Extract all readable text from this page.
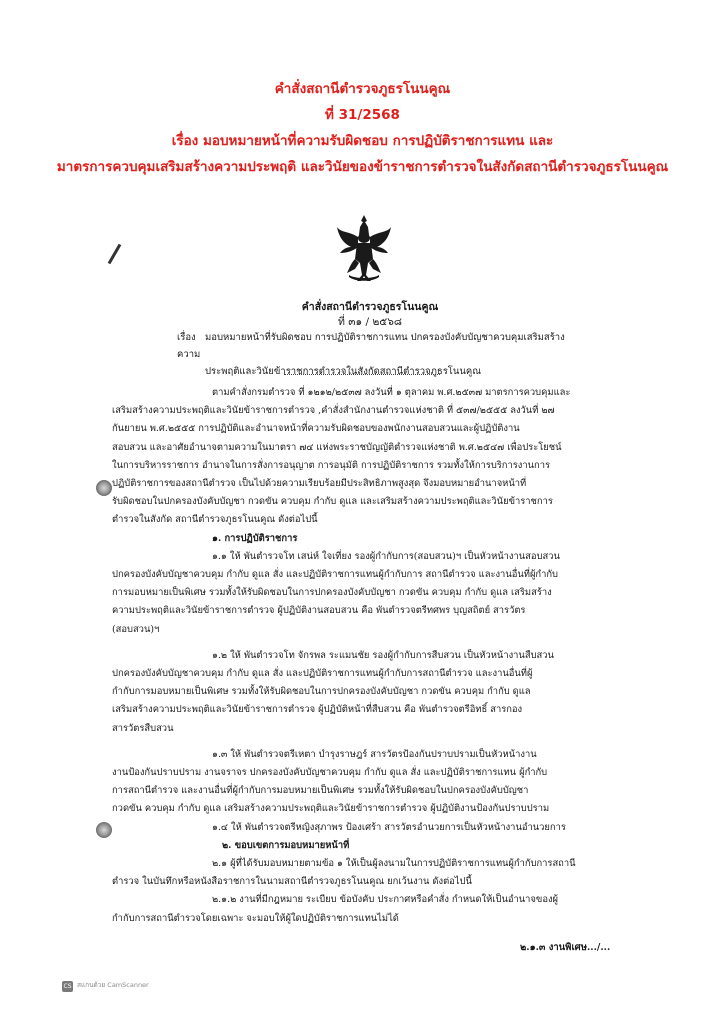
คำสั่งสถานีตำรวจภูธรโนนคูณ
ที่ 31/2568
เรื่อง มอบหมายหน้าที่ความรับผิดชอบ การปฏิบัติราชการแทน และ
มาตรการควบคุมเสริมสร้างความประพฤติ และวินัยของข้าราชการตำรวจในสังกัดสถานีตำรวจภูธรโนนคูณ
คำสั่งสถานีตำรวจภูธรโนนคูณ
ที่ ๓๑ / ๒๕๖๘
เรื่อง มอบหมายหน้าที่รับผิดชอบ การปฏิบัติราชการแทน ปกครองบังคับบัญชาควบคุมเสริมสร้างความ
ประพฤติและวินัยข้าราชการตำรวจในสังกัดสถานีตำรวจภูธรโนนคูณ

ตามคำสั่งกรมตำรวจ ที่ ๑๒๑๒/๒๕๓๗ ลงวันที่ ๑ ตุลาคม พ.ศ.๒๕๓๗ มาตรการควบคุมและ

เสริมสร้างความประพฤติและวินัยข้าราชการตำรวจ ,คำสั่งสำนักงานตำรวจแห่งชาติ ที่ ๕๓๗/๒๕๕๕ ลงวันที่ ๒๗

กันยายน พ.ศ.๒๕๕๕ การปฏิบัติและอำนาจหน้าที่ความรับผิดชอบของพนักงานสอบสวนและผู้ปฏิบัติงาน

สอบสวน และอาศัยอำนาจตามความในมาตรา ๗๔ แห่งพระราชบัญญัติตำรวจแห่งชาติ พ.ศ.๒๕๔๗ เพื่อประโยชน์

ในการบริหารราชการ อำนาจในการสั่งการอนุญาต การอนุมัติ การปฏิบัติราชการ รวมทั้งให้การบริการงานการ

ปฏิบัติราชการของสถานีตำรวจ เป็นไปด้วยความเรียบร้อยมีประสิทธิภาพสูงสุด จึงมอบหมายอำนาจหน้าที่

รับผิดชอบในปกครองบังคับบัญชา กวดขัน ควบคุม กำกับ ดูแล และเสริมสร้างความประพฤติและวินัยข้าราชการ

ตำรวจในสังกัด สถานีตำรวจภูธรโนนคูณ ดังต่อไปนี้

๑. การปฏิบัติราชการ

๑.๑ ให้ พันตำรวจโท เสน่ห์ ใจเที่ยง รองผู้กำกับการ(สอบสวน)ฯ เป็นหัวหน้างานสอบสวน

ปกครองบังคับบัญชาควบคุม กำกับ ดูแล สั่ง และปฏิบัติราชการแทนผู้กำกับการ สถานีตำรวจ และงานอื่นที่ผู้กำกับ

การมอบหมายเป็นพิเศษ รวมทั้งให้รับผิดชอบในการปกครองบังคับบัญชา กวดขัน ควบคุม กำกับ ดูแล เสริมสร้าง

ความประพฤติและวินัยข้าราชการตำรวจ ผู้ปฏิบัติงานสอบสวน คือ พันตำรวจตรีทศพร บุญสถิตย์ สารวัตร

(สอบสวน)ฯ

๑.๒ ให้ พันตำรวจโท จักรพล ระแมนชัย รองผู้กำกับการสืบสวน เป็นหัวหน้างานสืบสวน

ปกครองบังคับบัญชาควบคุม กำกับ ดูแล สั่ง และปฏิบัติราชการแทนผู้กำกับการสถานีตำรวจ และงานอื่นที่ผู้

กำกับการมอบหมายเป็นพิเศษ รวมทั้งให้รับผิดชอบในการปกครองบังคับบัญชา กวดขัน ควบคุม กำกับ ดูแล

เสริมสร้างความประพฤติและวินัยข้าราชการตำรวจ ผู้ปฏิบัติหน้าที่สืบสวน คือ พันตำรวจตรีอิทธิ์ สารกอง

สารวัตรสืบสวน

๑.๓ ให้ พันตำรวจตรีเหตา บำรุงราษฎร์ สารวัตรป้องกันปราบปรามเป็นหัวหน้างาน

งานป้องกันปราบปราม งานจราจร ปกครองบังคับบัญชาควบคุม กำกับ ดูแล สั่ง และปฏิบัติราชการแทน ผู้กำกับ

การสถานีตำรวจ และงานอื่นที่ผู้กำกับการมอบหมายเป็นพิเศษ รวมทั้งให้รับผิดชอบในปกครองบังคับบัญชา

กวดขัน ควบคุม กำกับ ดูแล เสริมสร้างความประพฤติและวินัยข้าราชการตำรวจ ผู้ปฏิบัติงานป้องกันปราบปราม

๑.๔ ให้ พันตำรวจตรีหญิงสุภาพร ป้องเศร้า สารวัตรอำนวยการเป็นหัวหน้างานอำนวยการ

๒. ขอบเขตการมอบหมายหน้าที่

๒.๑ ผู้ที่ได้รับมอบหมายตามข้อ ๑ ให้เป็นผู้ลงนามในการปฏิบัติราชการแทนผู้กำกับการสถานี

ตำรวจ ในบันทึกหรือหนังสือราชการในนามสถานีตำรวจภูธรโนนคูณ ยกเว้นงาน ดังต่อไปนี้

๒.๑.๒ งานที่มีกฎหมาย ระเบียบ ข้อบังคับ ประกาศหรือคำสั่ง กำหนดให้เป็นอำนาจของผู้

กำกับการสถานีตำรวจโดยเฉพาะ จะมอบให้ผู้ใดปฏิบัติราชการแทนไม่ได้

๒.๑.๓ งานพิเศษ.../...
CS สแกนด้วย CamScanner
